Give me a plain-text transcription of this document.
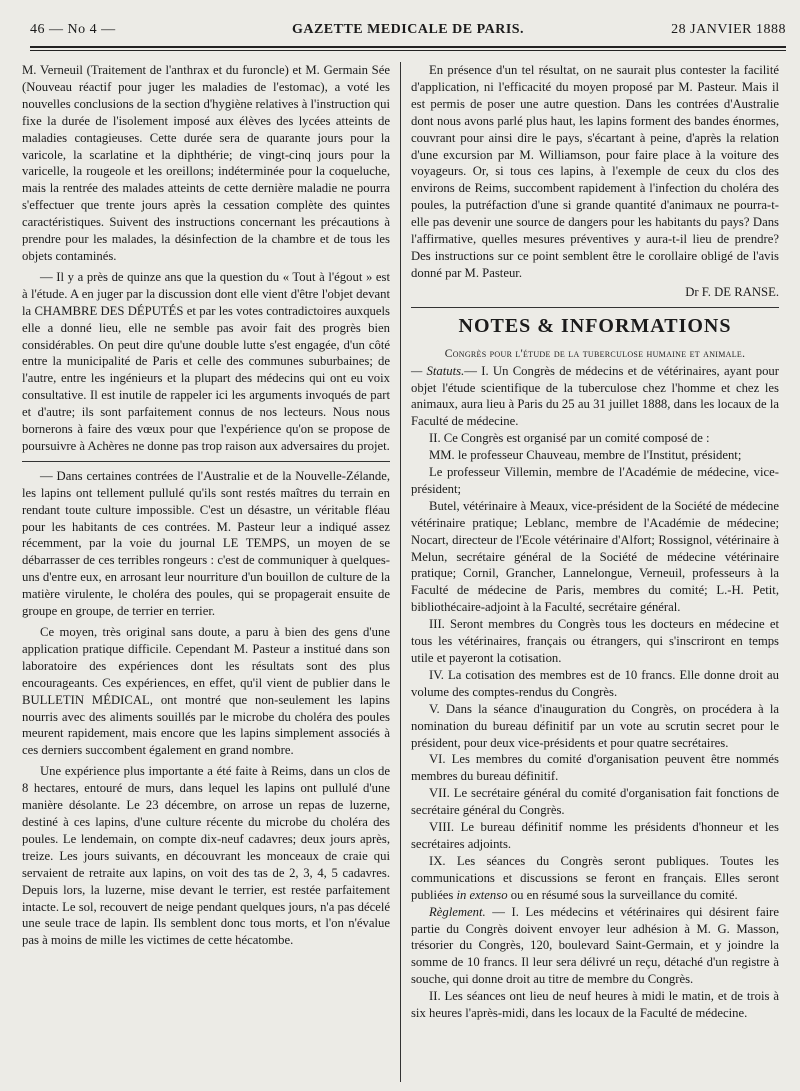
46 — No 4 —	GAZETTE MEDICALE DE PARIS.	28 JANVIER 1888

M. Verneuil (Traitement de l'anthrax et du furoncle) et M. Germain Sée (Nouveau réactif pour juger les maladies de l'estomac), a voté les nouvelles conclusions de la section d'hygiène relatives à l'instruction qui fixe la durée de l'isolement imposé aux élèves des lycées atteints de maladies contagieuses. Cette durée sera de quarante jours pour la varicole, la scarlatine et la diphthérie; de vingt-cinq jours pour la varicelle, la rougeole et les oreillons; indéterminée pour la coqueluche, mais la rentrée des malades atteints de cette dernière maladie ne pourra s'effectuer que trente jours après la cessation complète des quintes caractéristiques. Suivent des instructions concernant les précautions à prendre pour les malades, la désinfection de la chambre et de tous les objets contaminés.

— Il y a près de quinze ans que la question du « Tout à l'égout » est à l'étude. A en juger par la discussion dont elle vient d'être l'objet devant la CHAMBRE DES DÉPUTÉS et par les votes contradictoires auxquels elle a donné lieu, elle ne semble pas avoir fait des progrès bien considérables. On peut dire qu'une double lutte s'est engagée, d'un côté entre la municipalité de Paris et celle des communes suburbaines; de l'autre, entre les ingénieurs et la plupart des médecins qui ont eu voix consultative. Il est inutile de rappeler ici les arguments invoqués de part et d'autre; ils sont parfaitement connus de nos lecteurs. Nous nous bornerons à faire des vœux pour que l'expérience qu'on se propose de poursuivre à Achères ne donne pas trop raison aux adversaires du projet.

— Dans certaines contrées de l'Australie et de la Nouvelle-Zélande, les lapins ont tellement pullulé qu'ils sont restés maîtres du terrain en rendant toute culture impossible. C'est un désastre, un véritable fléau pour les habitants de ces contrées. M. Pasteur leur a indiqué assez récemment, par la voie du journal LE TEMPS, un moyen de se débarrasser de ces terribles rongeurs : c'est de communiquer à quelques-uns d'entre eux, en arrosant leur nourriture d'un bouillon de culture de la matière virulente, le choléra des poules, qui se propagerait ensuite de groupe en groupe, de terrier en terrier.

Ce moyen, très original sans doute, a paru à bien des gens d'une application pratique difficile. Cependant M. Pasteur a institué dans son laboratoire des expériences dont les résultats sont des plus encourageants. Ces expériences, en effet, qu'il vient de publier dans le BULLETIN MÉDICAL, ont montré que non-seulement les lapins nourris avec des aliments souillés par le microbe du choléra des poules meurent rapidement, mais encore que les lapins simplement associés à ces derniers succombent également en grand nombre.

Une expérience plus importante a été faite à Reims, dans un clos de 8 hectares, entouré de murs, dans lequel les lapins ont pullulé d'une manière désolante. Le 23 décembre, on arrose un repas de luzerne, destiné à ces lapins, d'une culture récente du microbe du choléra des poules. Le lendemain, on compte dix-neuf cadavres; deux jours après, treize. Les jours suivants, en découvrant les monceaux de craie qui servaient de retraite aux lapins, on voit des tas de 2, 3, 4, 5 cadavres. Depuis lors, la luzerne, mise devant le terrier, est restée parfaitement intacte. Le sol, recouvert de neige pendant quelques jours, n'a pas décelé une seule trace de lapin. Ils semblent donc tous morts, et l'on n'évalue pas à moins de mille les victimes de cette hécatombe.

En présence d'un tel résultat, on ne saurait plus contester la facilité d'application, ni l'efficacité du moyen proposé par M. Pasteur. Mais il est permis de poser une autre question. Dans les contrées d'Australie dont nous avons parlé plus haut, les lapins forment des bandes énormes, couvrant pour ainsi dire le pays, s'écartant à peine, d'après la relation d'une excursion par M. Williamson, pour faire place à la voiture des voyageurs. Or, si tous ces lapins, à l'exemple de ceux du clos des environs de Reims, succombent rapidement à l'infection du choléra des poules, la putréfaction d'une si grande quantité d'animaux ne pourra-t-elle pas devenir une source de dangers pour les habitants du pays? Dans l'affirmative, quelles mesures préventives y aura-t-il lieu de prendre? Des instructions sur ce point semblent être le corollaire obligé de l'avis donné par M. Pasteur.

Dr F. DE RANSE.
NOTES & INFORMATIONS
Congrès pour l'étude de la tuberculose humaine et animale.

— Statuts.— I. Un Congrès de médecins et de vétérinaires, ayant pour objet l'étude scientifique de la tuberculose chez l'homme et chez les animaux, aura lieu à Paris du 25 au 31 juillet 1888, dans les locaux de la Faculté de médecine.

II. Ce Congrès est organisé par un comité composé de :

MM. le professeur Chauveau, membre de l'Institut, président;

Le professeur Villemin, membre de l'Académie de médecine, vice-président;

Butel, vétérinaire à Meaux, vice-président de la Société de médecine vétérinaire pratique; Leblanc, membre de l'Académie de médecine; Nocart, directeur de l'Ecole vétérinaire d'Alfort; Rossignol, vétérinaire à Melun, secrétaire général de la Société de médecine vétérinaire pratique; Cornil, Grancher, Lannelongue, Verneuil, professeurs à la Faculté de médecine de Paris, membres du comité; L.-H. Petit, bibliothécaire-adjoint à la Faculté, secrétaire général.

III. Seront membres du Congrès tous les docteurs en médecine et tous les vétérinaires, français ou étrangers, qui s'inscriront en temps utile et payeront la cotisation.

IV. La cotisation des membres est de 10 francs. Elle donne droit au volume des comptes-rendus du Congrès.

V. Dans la séance d'inauguration du Congrès, on procédera à la nomination du bureau définitif par un vote au scrutin secret pour le président, pour deux vice-présidents et pour quatre secrétaires.

VI. Les membres du comité d'organisation peuvent être nommés membres du bureau définitif.

VII. Le secrétaire général du comité d'organisation fait fonctions de secrétaire général du Congrès.

VIII. Le bureau définitif nomme les présidents d'honneur et les secrétaires adjoints.

IX. Les séances du Congrès seront publiques. Toutes les communications et discussions se feront en français. Elles seront publiées in extenso ou en résumé sous la surveillance du comité.

Règlement. — I. Les médecins et vétérinaires qui désirent faire partie du Congrès doivent envoyer leur adhésion à M. G. Masson, trésorier du Congrès, 120, boulevard Saint-Germain, et y joindre la somme de 10 francs. Il leur sera délivré un reçu, détaché d'un registre à souche, qui donne droit au titre de membre du Congrès.

II. Les séances ont lieu de neuf heures à midi le matin, et de trois à six heures l'après-midi, dans les locaux de la Faculté de médecine.
